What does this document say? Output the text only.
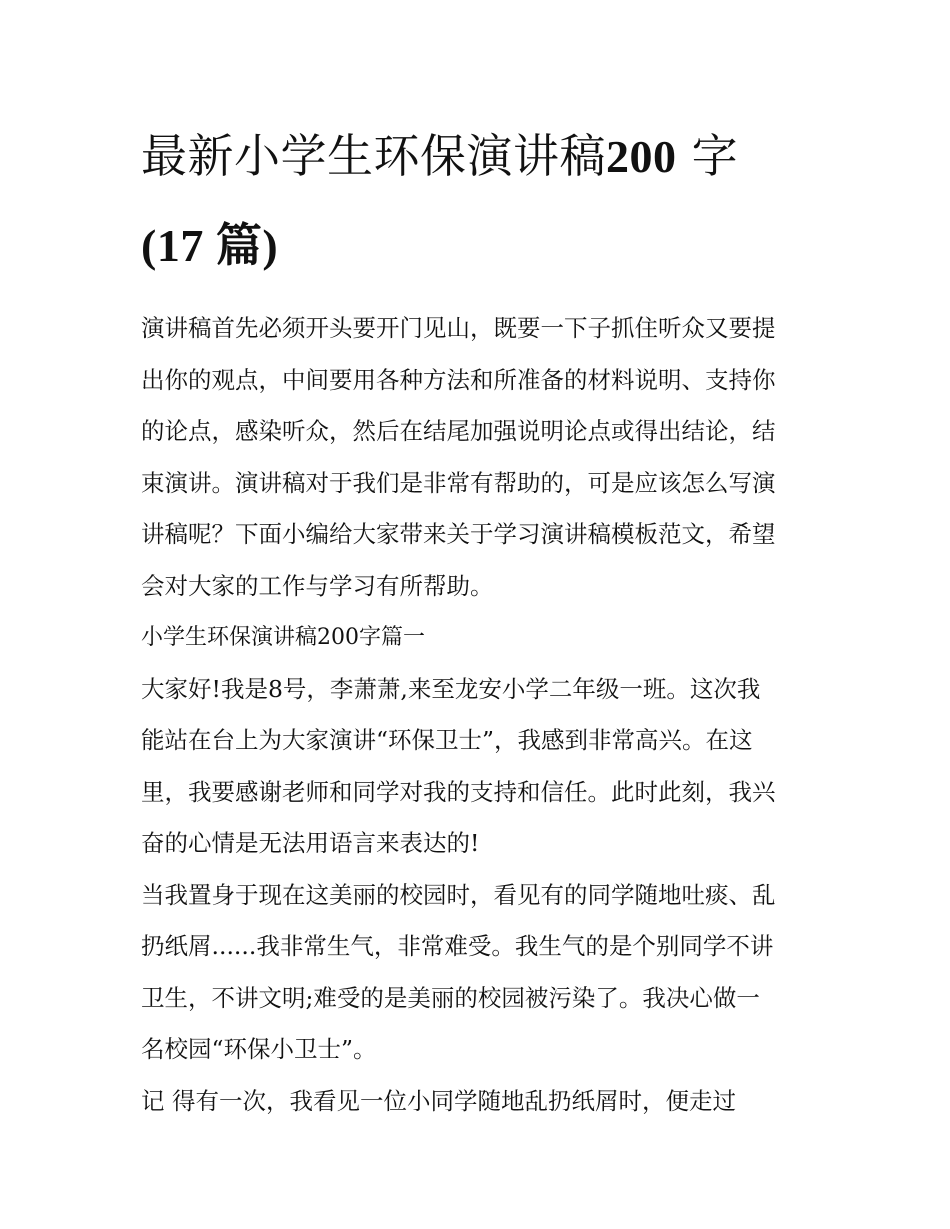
最新小学生环保演讲稿200 字
(17 篇)
演讲稿首先必须开头要开门见山，既要一下子抓住听众又要提
出你的观点，中间要用各种方法和所准备的材料说明、支持你
的论点，感染听众，然后在结尾加强说明论点或得出结论，结
束演讲。演讲稿对于我们是非常有帮助的，可是应该怎么写演
讲稿呢？下面小编给大家带来关于学习演讲稿模板范文，希望
会对大家的工作与学习有所帮助。
小学生环保演讲稿200字篇一
大家好!我是8号，李萧萧,来至龙安小学二年级一班。这次我
能站在台上为大家演讲“环保卫士”，我感到非常高兴。在这
里，我要感谢老师和同学对我的支持和信任。此时此刻，我兴
奋的心情是无法用语言来表达的!
当我置身于现在这美丽的校园时，看见有的同学随地吐痰、乱
扔纸屑......我非常生气，非常难受。我生气的是个别同学不讲
卫生，不讲文明;难受的是美丽的校园被污染了。我决心做一
名校园“环保小卫士”。
记 得有一次，我看见一位小同学随地乱扔纸屑时，便走过
